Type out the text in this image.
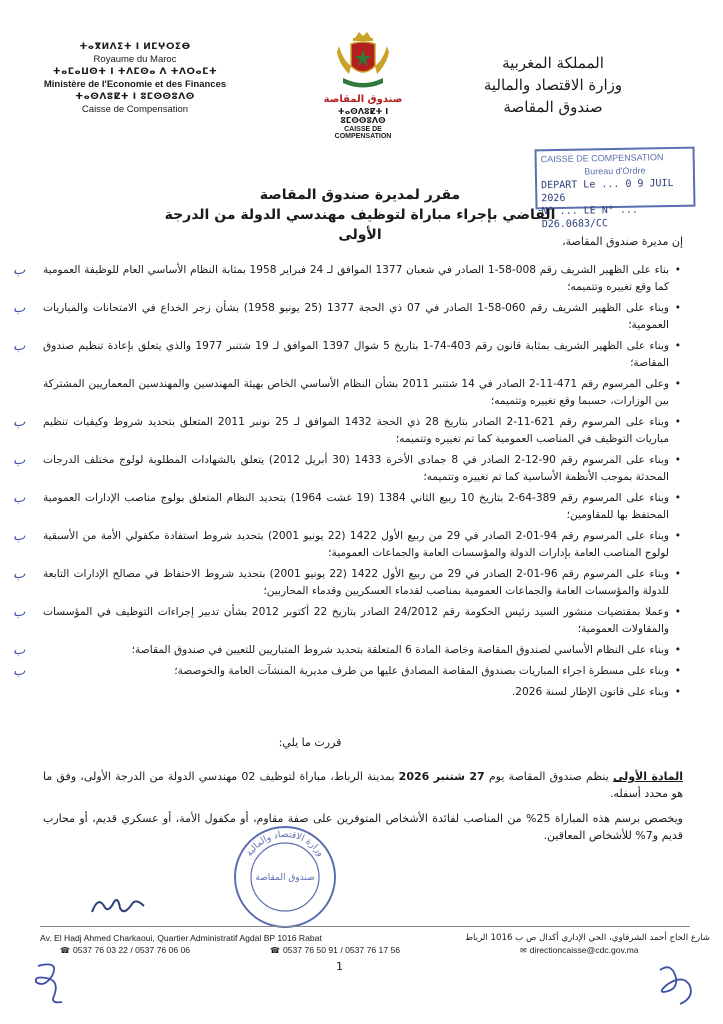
ⵜⴰⴳⵍⴷⵉⵜ ⵏ ⵍⵎⵖⵔⵉⴱ
Royaume du Maroc
ⵜⴰⵎⴰⵡⵙⵜ ⵏ ⵜⴷⵎⵙⴰ ⴷ ⵜⴷⵔⴰⵎⵜ
Ministère de l'Economie et des Finances
ⵜⴰⵙⴷⵓⵇⵜ ⵏ ⵓⵎⵙⵙⵓⴷⵙ
Caisse de Compensation
صندوق المقاصة
ⵜⴰⵙⴷⵓⵇⵜ ⵏ ⵓⵎⵙⵙⵓⴷⵙ
CAISSE DE COMPENSATION
المملكة المغربية
وزارة الاقتصاد والمالية
صندوق المقاصة
CAISSE DE COMPENSATION
Bureau d'Ordre
DEPART Le ... 0 9 JUIL 2026
N° ... LE N° ... D26.0683/CC
مقرر لمديرة صندوق المقاصة
القاضي بإجراء مباراة لتوظيف مهندسي الدولة من الدرجة الأولى	إن مديرة صندوق المقاصة،
• بناء على الظهير الشريف رقم 008-58-1 الصادر في شعبان 1377 الموافق لـ 24 فبراير 1958 بمثابة النظام الأساسي العام للوظيفة العمومية كما وقع تغييره وتتميمه؛
ب
• وبناء على الظهير الشريف رقم 060-58-1 الصادر في 07 ذي الحجة 1377 (25 يونيو 1958) بشأن زجر الخداع في الامتحانات والمباريات العمومية؛
ب
• وبناء على الظهير الشريف بمثابة قانون رقم 403-74-1 بتاريخ 5 شوال 1397 الموافق لـ 19 شتنبر 1977 والذي يتعلق بإعادة تنظيم صندوق المقاصة؛
ب
• وعلى المرسوم رقم 471-11-2 الصادر في 14 شتنبر 2011 بشأن النظام الأساسي الخاص بهيئة المهندسين والمهندسين المعماريين المشتركة بين الوزارات، حسبما وقع تغييره وتتميمه؛
• وبناء على المرسوم رقم 621-11-2 الصادر بتاريخ 28 ذي الحجة 1432 الموافق لـ 25 نونبر 2011 المتعلق بتحديد شروط وكيفيات تنظيم مباريات التوظيف في المناصب العمومية كما تم تغييره وتتميمه؛
ب
• وبناء على المرسوم رقم 90-12-2 الصادر في 8 جمادى الأخرة 1433 (30 أبريل 2012) يتعلق بالشهادات المطلوبة لولوج مختلف الدرجات المحدثة بموجب الأنظمة الأساسية كما تم تغييره وتتميمه؛
ب
• وبناء على المرسوم رقم 389-64-2 بتاريخ 10 ربيع الثاني 1384 (19 غشت 1964) بتحديد النظام المتعلق بولوج مناصب الإدارات العمومية المحتفظ بها للمقاومين؛
ب
• وبناء على المرسوم رقم 94-01-2 الصادر في 29 من ربيع الأول 1422 (22 يونيو 2001) بتحديد شروط استفادة مكفولي الأمة من الأسبقية لولوج المناصب العامة بإدارات الدولة والمؤسسات العامة والجماعات العمومية؛
ب
• وبناء على المرسوم رقم 96-01-2 الصادر في 29 من ربيع الأول 1422 (22 يونيو 2001) بتحديد شروط الاحتفاظ في مصالح الإدارات التابعة للدولة والمؤسسات العامة والجماعات العمومية بمناصب لقدماء العسكريين وقدماء المحاربين؛
ب
• وعملا بمقتضيات منشور السيد رئيس الحكومة رقم 24/2012 الصادر بتاريخ 22 أكتوبر 2012 بشأن تدبير إجراءات التوظيف في المؤسسات والمقاولات العمومية؛
ب
• وبناء على النظام الأساسي لصندوق المقاصة وخاصة المادة 6 المتعلقة بتحديد شروط المتباريين للتعيين في صندوق المقاصة؛
ب
• وبناء على مسطرة اجراء المباريات بصندوق المقاصة المصادق عليها من طرف مديرية المنشآت العامة والخوصصة؛
ب
• وبناء على قانون الإطار لسنة 2026.
قررت ما يلي:

المادة الأولى ينظم صندوق المقاصة يوم 27 شتنبر 2026 بمدينة الرباط، مباراة لتوظيف 02 مهندسي الدولة من الدرجة الأولى، وفق ما هو محدد أسفله.

ويخصص برسم هذه المباراة 25% من المناصب لفائدة الأشخاص المتوفرين على صفة مقاوم، أو مكفول الأمة، أو عسكري قديم، أو محارب قديم و7% للأشخاص المعاقين.

وزارة الاقتصاد والمالية
صندوق المقاصة
Av. El Hadj Ahmed Charkaoui, Quartier Administratif Agdal BP 1016 Rabat	شارع الحاج أحمد الشرقاوي، الحي الإداري أكدال ص ب 1016 الرباط
☎ 0537 76 03 22 / 0537 76 06 06	☎ 0537 76 50 91 / 0537 76 17 56	✉ directioncaisse@cdc.gov.ma
1
